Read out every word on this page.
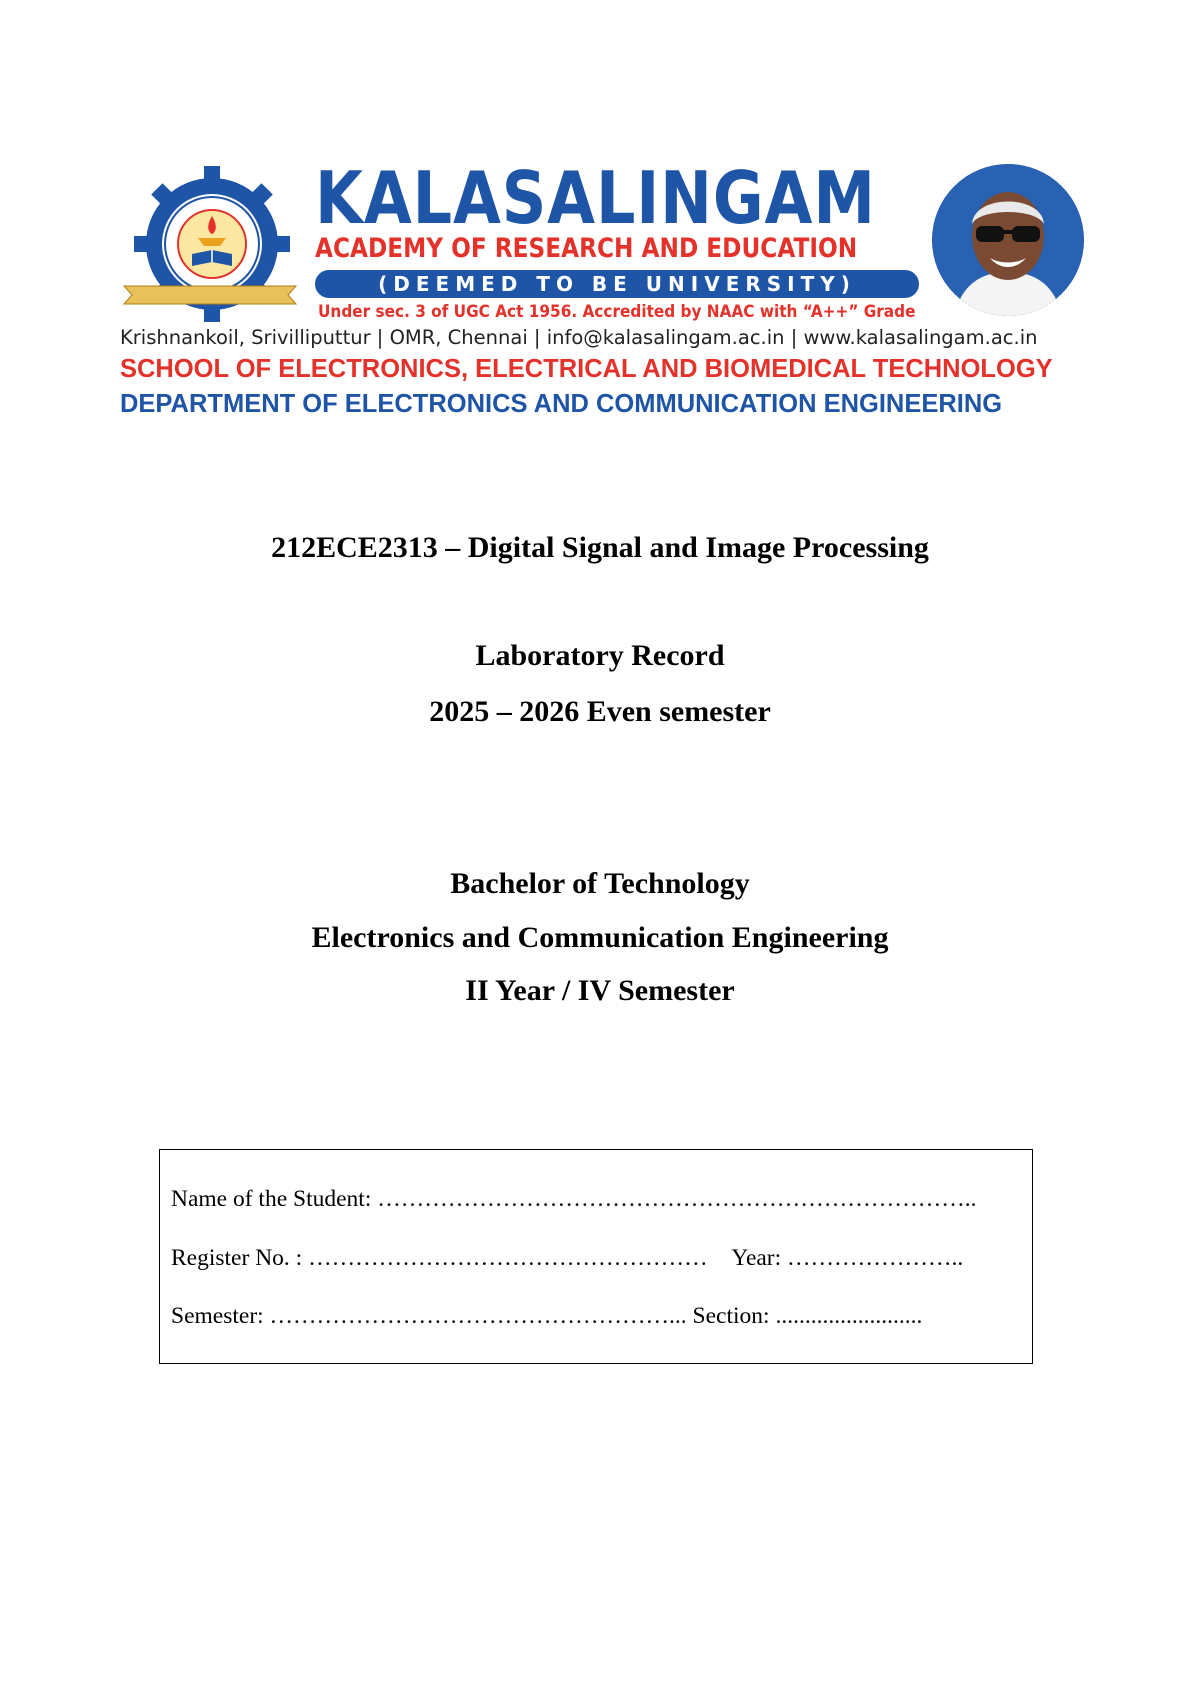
KALASALINGAM
ACADEMY OF RESEARCH AND EDUCATION
(DEEMED TO BE UNIVERSITY)
Under sec. 3 of UGC Act 1956. Accredited by NAAC with “A++” Grade
Krishnankoil, Srivilliputtur | OMR, Chennai | info@kalasalingam.ac.in | www.kalasalingam.ac.in
SCHOOL OF ELECTRONICS, ELECTRICAL AND BIOMEDICAL TECHNOLOGY
DEPARTMENT OF ELECTRONICS AND COMMUNICATION ENGINEERING
212ECE2313 – Digital Signal and Image Processing
Laboratory Record
2025 – 2026 Even semester
Bachelor of Technology
Electronics and Communication Engineering
II Year / IV Semester
Name of the Student: …………………………………………………………………..
Register No. : …………………………………………… Year: …………………..
Semester: ……………………………………………... Section: .........................
